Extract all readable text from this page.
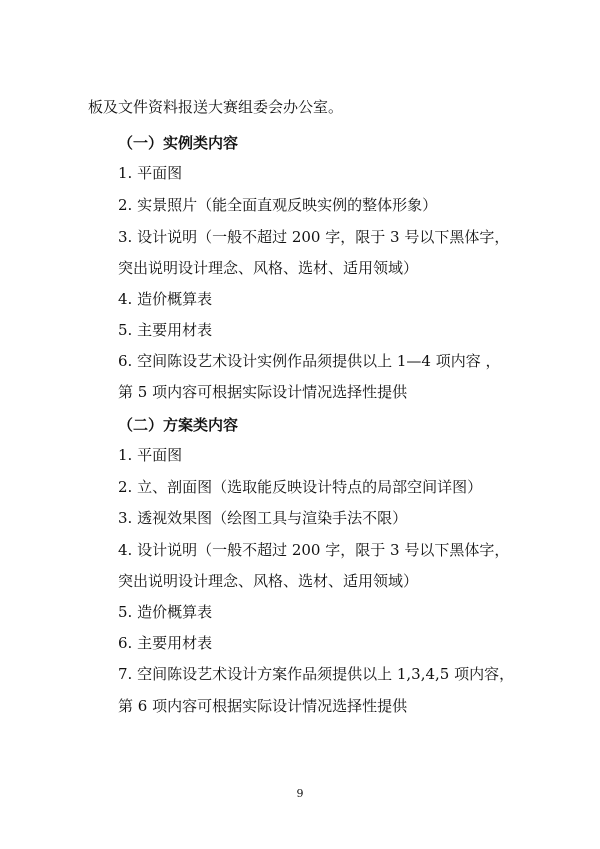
板及文件资料报送大赛组委会办公室。
（一）实例类内容
1. 平面图
2. 实景照片（能全面直观反映实例的整体形象）
3. 设计说明（一般不超过 200 字，限于 3 号以下黑体字，
突出说明设计理念、风格、选材、适用领域）
4. 造价概算表
5. 主要用材表
6. 空间陈设艺术设计实例作品须提供以上 1—4 项内容 ，
第 5 项内容可根据实际设计情况选择性提供
（二）方案类内容
1. 平面图
2. 立、剖面图（选取能反映设计特点的局部空间详图）
3. 透视效果图（绘图工具与渲染手法不限）
4. 设计说明（一般不超过 200 字，限于 3 号以下黑体字，
突出说明设计理念、风格、选材、适用领域）
5. 造价概算表
6. 主要用材表
7. 空间陈设艺术设计方案作品须提供以上 1,3,4,5 项内容，
第 6 项内容可根据实际设计情况选择性提供
9
